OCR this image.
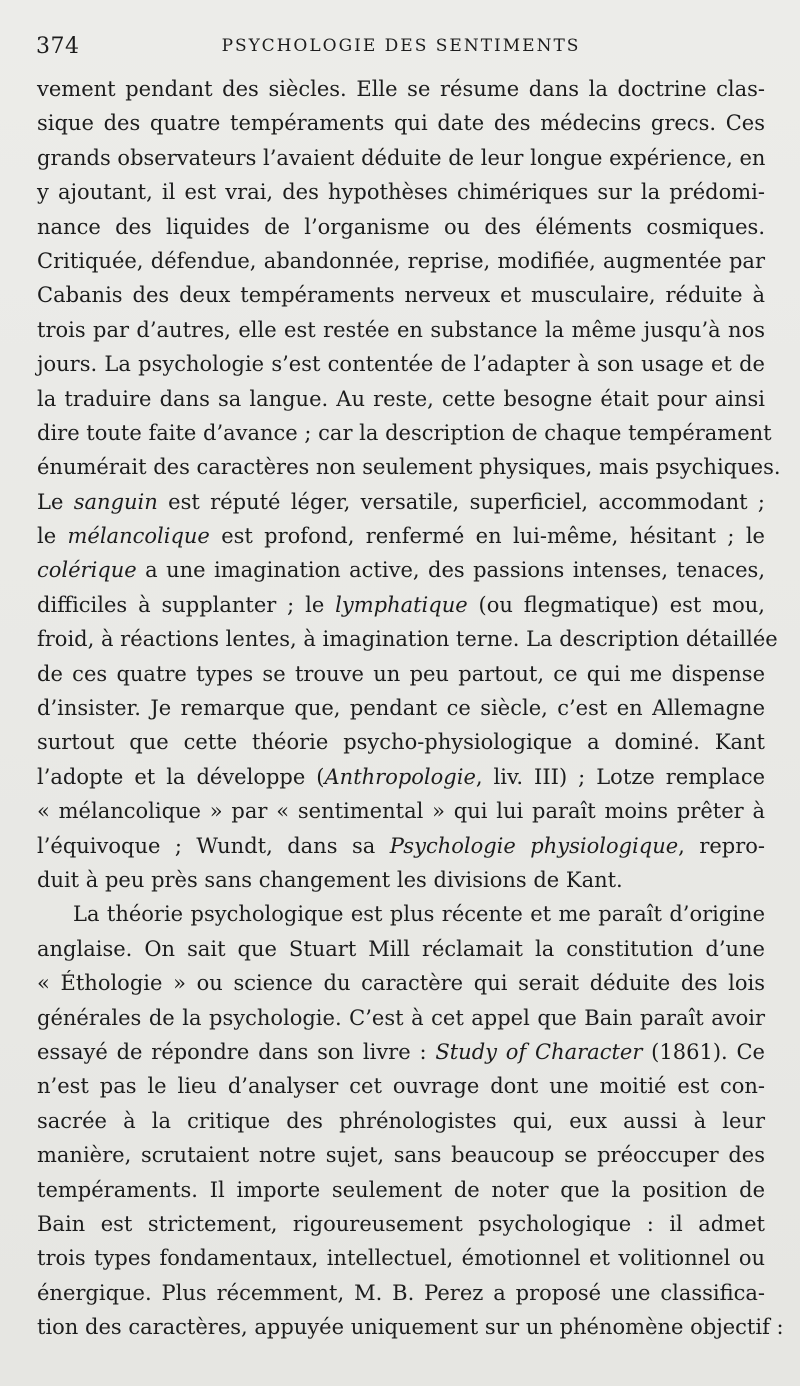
374	PSYCHOLOGIE DES SENTIMENTS
vement pendant des siècles. Elle se résume dans la doctrine clas-
sique des quatre tempéraments qui date des médecins grecs. Ces
grands observateurs l’avaient déduite de leur longue expérience, en
y ajoutant, il est vrai, des hypothèses chimériques sur la prédomi-
nance des liquides de l’organisme ou des éléments cosmiques.
Critiquée, défendue, abandonnée, reprise, modifiée, augmentée par
Cabanis des deux tempéraments nerveux et musculaire, réduite à
trois par d’autres, elle est restée en substance la même jusqu’à nos
jours. La psychologie s’est contentée de l’adapter à son usage et de
la traduire dans sa langue. Au reste, cette besogne était pour ainsi
dire toute faite d’avance ; car la description de chaque tempérament
énumérait des caractères non seulement physiques, mais psychiques.
Le sanguin est réputé léger, versatile, superficiel, accommodant ;
le mélancolique est profond, renfermé en lui-même, hésitant ; le
colérique a une imagination active, des passions intenses, tenaces,
difficiles à supplanter ; le lymphatique (ou flegmatique) est mou,
froid, à réactions lentes, à imagination terne. La description détaillée
de ces quatre types se trouve un peu partout, ce qui me dispense
d’insister. Je remarque que, pendant ce siècle, c’est en Allemagne
surtout que cette théorie psycho-physiologique a dominé. Kant
l’adopte et la développe (Anthropologie, liv. III) ; Lotze remplace
« mélancolique » par « sentimental » qui lui paraît moins prêter à
l’équivoque ; Wundt, dans sa Psychologie physiologique, repro-
duit à peu près sans changement les divisions de Kant.
La théorie psychologique est plus récente et me paraît d’origine
anglaise. On sait que Stuart Mill réclamait la constitution d’une
« Éthologie » ou science du caractère qui serait déduite des lois
générales de la psychologie. C’est à cet appel que Bain paraît avoir
essayé de répondre dans son livre : Study of Character (1861). Ce
n’est pas le lieu d’analyser cet ouvrage dont une moitié est con-
sacrée à la critique des phrénologistes qui, eux aussi à leur
manière, scrutaient notre sujet, sans beaucoup se préoccuper des
tempéraments. Il importe seulement de noter que la position de
Bain est strictement, rigoureusement psychologique : il admet
trois types fondamentaux, intellectuel, émotionnel et volitionnel ou
énergique. Plus récemment, M. B. Perez a proposé une classifica-
tion des caractères, appuyée uniquement sur un phénomène objectif :
